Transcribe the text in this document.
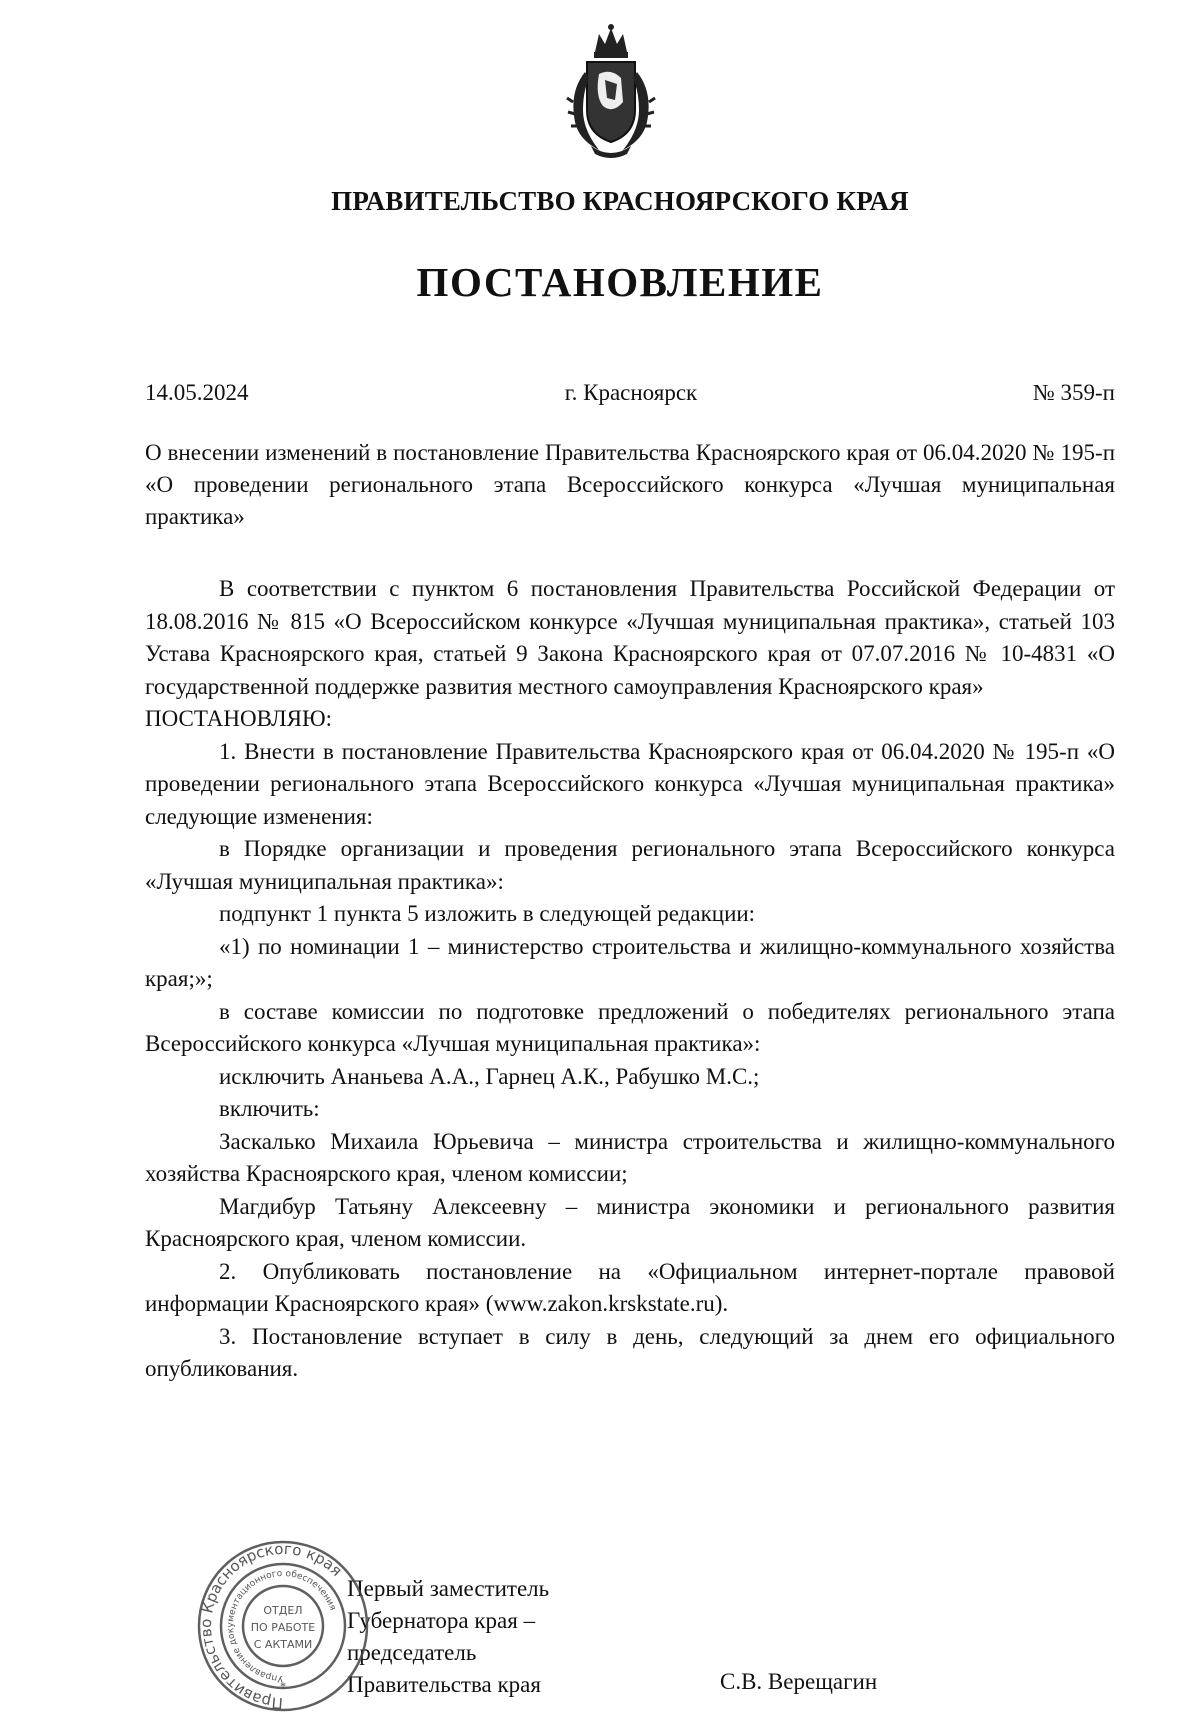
ПРАВИТЕЛЬСТВО КРАСНОЯРСКОГО КРАЯ
ПОСТАНОВЛЕНИЕ
14.05.2024	г. Красноярск	№ 359-п
О внесении изменений в постановление Правительства Красноярского края от 06.04.2020 № 195-п «О проведении регионального этапа Всероссийского конкурса «Лучшая муниципальная практика»
В соответствии с пунктом 6 постановления Правительства Российской Федерации от 18.08.2016 № 815 «О Всероссийском конкурсе «Лучшая муниципальная практика», статьей 103 Устава Красноярского края, статьей 9 Закона Красноярского края от 07.07.2016 № 10-4831 «О государственной поддержке развития местного самоуправления Красноярского края»
ПОСТАНОВЛЯЮ:
1. Внести в постановление Правительства Красноярского края от 06.04.2020 № 195-п «О проведении регионального этапа Всероссийского конкурса «Лучшая муниципальная практика» следующие изменения:
в Порядке организации и проведения регионального этапа Всероссийского конкурса «Лучшая муниципальная практика»:
подпункт 1 пункта 5 изложить в следующей редакции:
«1) по номинации 1 – министерство строительства и жилищно-коммунального хозяйства края;»;
в составе комиссии по подготовке предложений о победителях регионального этапа Всероссийского конкурса «Лучшая муниципальная практика»:
исключить Ананьева А.А., Гарнец А.К., Рабушко М.С.;
включить:
Заскалько Михаила Юрьевича – министра строительства и жилищно-коммунального хозяйства Красноярского края, членом комиссии;
Магдибур Татьяну Алексеевну – министра экономики и регионального развития Красноярского края, членом комиссии.
2. Опубликовать постановление на «Официальном интернет-портале правовой информации Красноярского края» (www.zakon.krskstate.ru).
3. Постановление вступает в силу в день, следующий за днем его официального опубликования.
Первый заместитель
Губернатора края –
председатель
Правительства края	С.В. Верещагин
Правительство Красноярского края
Управление документационного обеспечения
ОТДЕЛ
ПО РАБОТЕ
С АКТАМИ
*
